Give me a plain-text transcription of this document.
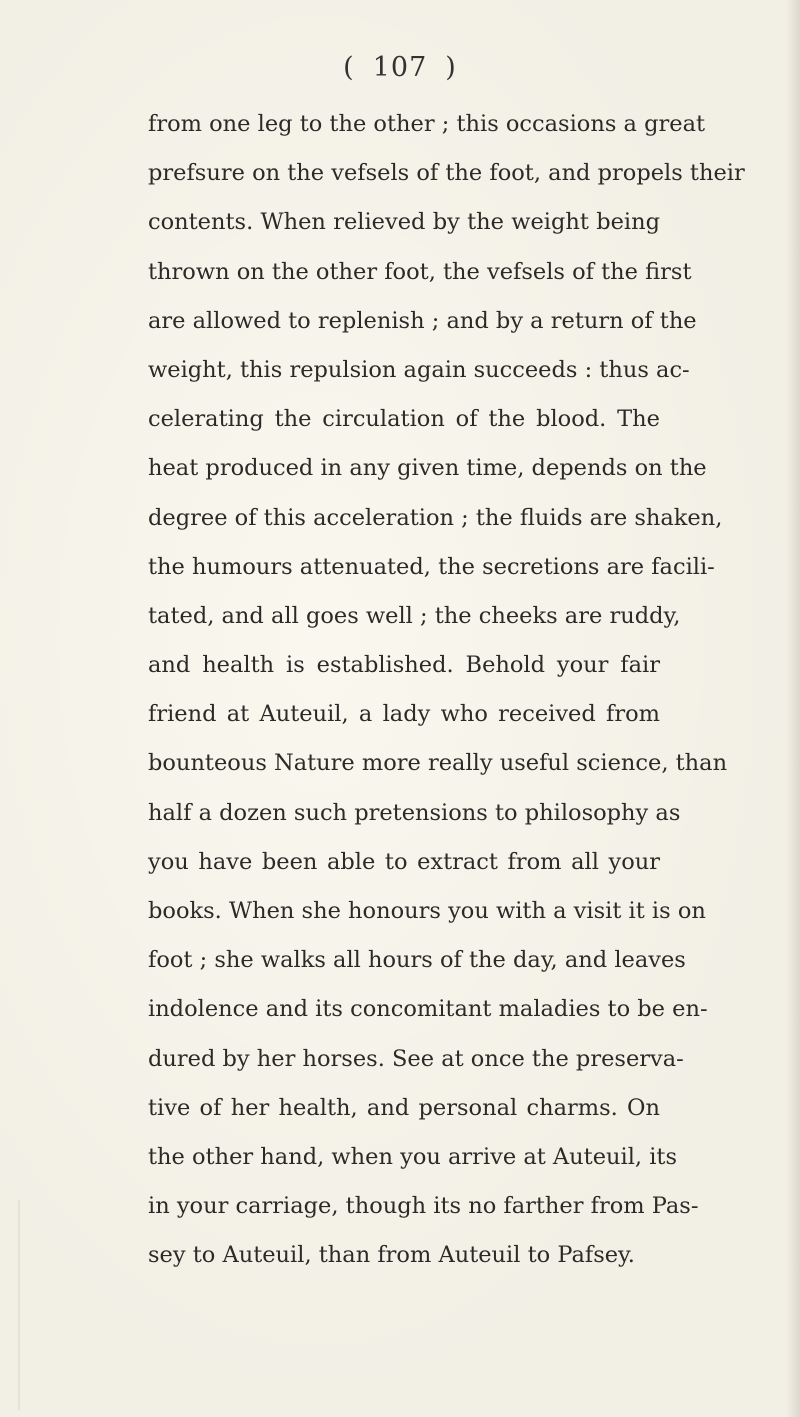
( 107 )
from one leg to the other ; this occasions a great
prefsure on the vefsels of the foot, and propels their
contents. When relieved by the weight being
thrown on the other foot, the vefsels of the first
are allowed to replenish ; and by a return of the
weight, this repulsion again succeeds : thus ac-
celerating the circulation of the blood. The
heat produced in any given time, depends on the
degree of this acceleration ; the fluids are shaken,
the humours attenuated, the secretions are facili-
tated, and all goes well ; the cheeks are ruddy,
and health is established. Behold your fair
friend at Auteuil, a lady who received from
bounteous Nature more really useful science, than
half a dozen such pretensions to philosophy as
you have been able to extract from all your
books. When she honours you with a visit it is on
foot ; she walks all hours of the day, and leaves
indolence and its concomitant maladies to be en-
dured by her horses. See at once the preserva-
tive of her health, and personal charms. On
the other hand, when you arrive at Auteuil, its
in your carriage, though its no farther from Pas-
sey to Auteuil, than from Auteuil to Pafsey.
